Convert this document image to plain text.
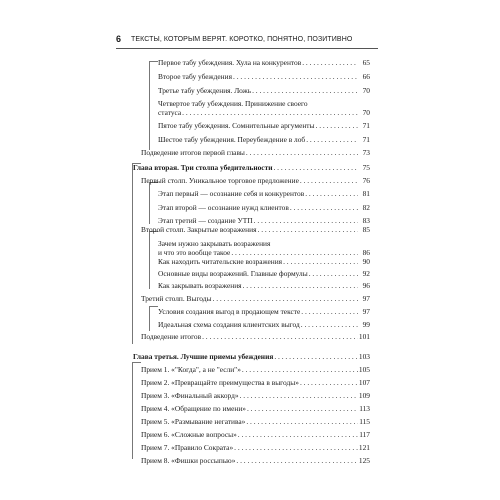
6 ТЕКСТЫ, КОТОРЫМ ВЕРЯТ. КОРОТКО, ПОНЯТНО, ПОЗИТИВНО
Первое табу убеждения. Хула на конкурентов . . .	65
Второе табу убеждения . . .	66
Третье табу убеждения. Ложь . . .	70
Четвертое табу убеждения. Принижение своего
статуса . . .	70
Пятое табу убеждения. Сомнительные аргументы . . .	71
Шестое табу убеждения. Переубеждение в лоб . . .	71
Подведение итогов первой главы . . .	73
Глава вторая. Три столпа убедительности . . .	75
Первый столп. Уникальное торговое предложение . . .	76
Этап первый — осознание себя и конкурентов . . .	81
Этап второй — осознание нужд клиентов . . .	82
Этап третий — создание УТП . . .	83
Второй столп. Закрытые возражения . . .	85
Зачем нужно закрывать возражения
и что это вообще такое . . .	86
Как находить читательские возражения . . .	90
Основные виды возражений. Главные формулы . . .	92
Как закрывать возражения . . .	96
Третий столп. Выгоды . . .	97
Условия создания выгод в продающем тексте . . .	97
Идеальная схема создания клиентских выгод . . .	99
Подведение итогов . . .	101
Глава третья. Лучшие приемы убеждения . . .	103
Прием 1. «"Когда", а не "если"» . . .	105
Прием 2. «Превращайте преимущества в выгоды» . . .	107
Прием 3. «Финальный аккорд» . . .	109
Прием 4. «Обращение по имени» . . .	113
Прием 5. «Размывание негатива» . . .	115
Прием 6. «Сложные вопросы» . . .	117
Прием 7. «Правило Сократа» . . .	121
Прием 8. «Фишки россыпью» . . .	125
